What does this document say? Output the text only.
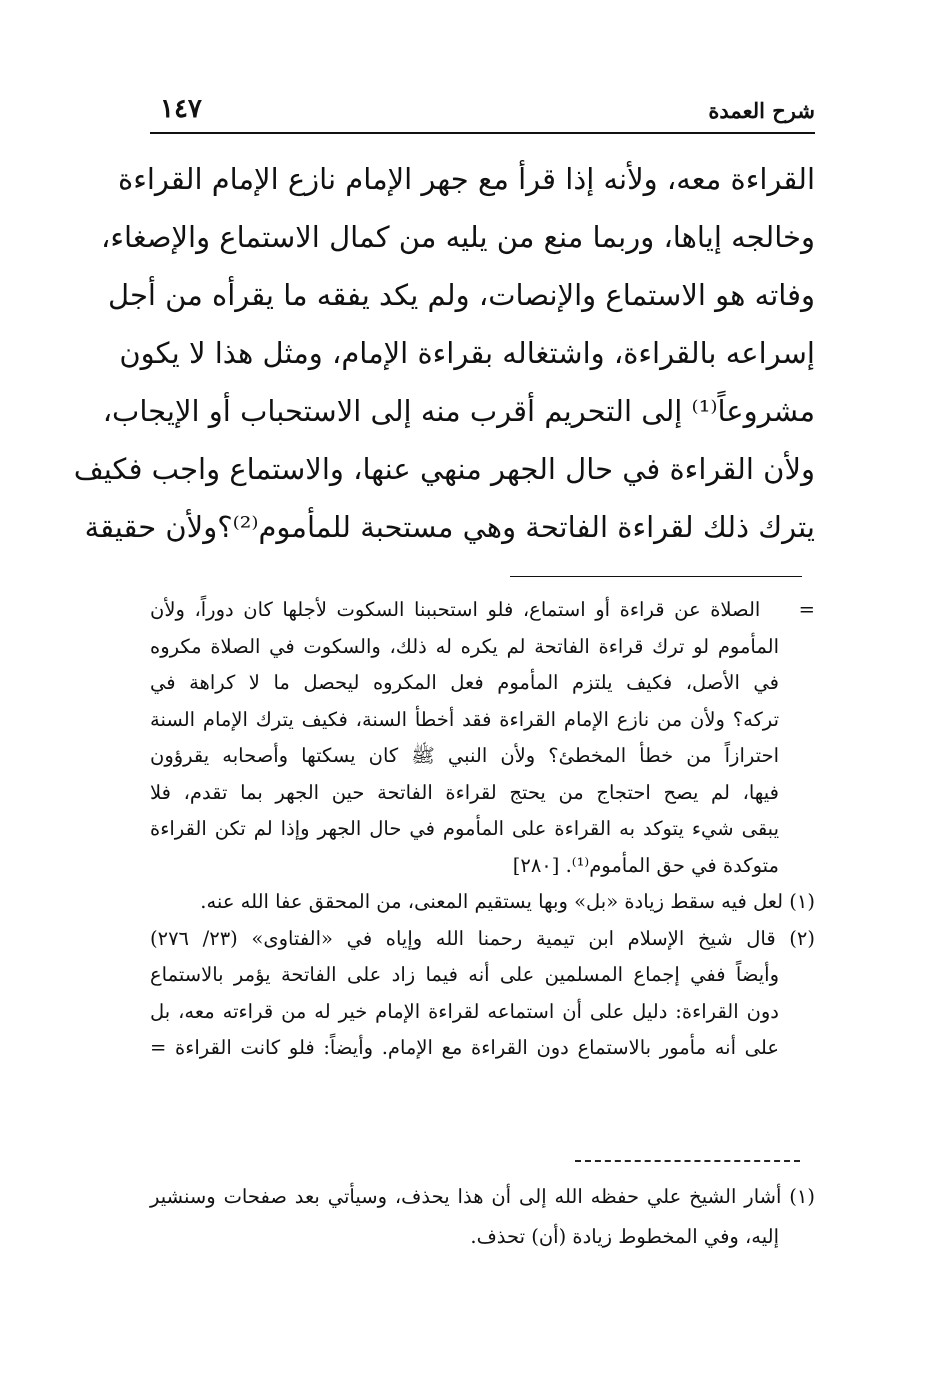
شرح العمدة
١٤٧
القراءة معه، ولأنه إذا قرأ مع جهر الإمام نازع الإمام القراءة
وخالجه إياها، وربما منع من يليه من كمال الاستماع والإصغاء،
وفاته هو الاستماع والإنصات، ولم يكد يفقه ما يقرأه من أجل
إسراعه بالقراءة، واشتغاله بقراءة الإمام، ومثل هذا لا يكون
مشروعاً⁽¹⁾ إلى التحريم أقرب منه إلى الاستحباب أو الإيجاب،
ولأن القراءة في حال الجهر منهي عنها، والاستماع واجب فكيف
يترك ذلك لقراءة الفاتحة وهي مستحبة للمأموم⁽²⁾؟ولأن حقيقة
=    الصلاة عن قراءة أو استماع، فلو استحببنا السكوت لأجلها كان دوراً، ولأن
المأموم لو ترك قراءة الفاتحة لم يكره له ذلك، والسكوت في الصلاة مكروه
في الأصل، فكيف يلتزم المأموم فعل المكروه ليحصل ما لا كراهة في
تركه؟ ولأن من نازع الإمام القراءة فقد أخطأ السنة، فكيف يترك الإمام السنة
احترازاً من خطأ المخطئ؟ ولأن النبي ﷺ كان يسكتها وأصحابه يقرؤون
فيها، لم يصح احتجاج من يحتج لقراءة الفاتحة حين الجهر بما تقدم، فلا
يبقى شيء يتوكد به القراءة على المأموم في حال الجهر وإذا لم تكن القراءة
متوكدة في حق المأموم⁽¹⁾. [٢٨٠]
(١) لعل فيه سقط زيادة «بل» وبها يستقيم المعنى، من المحقق عفا الله عنه.
(٢) قال شيخ الإسلام ابن تيمية رحمنا الله وإياه في «الفتاوى» (٢٣/ ٢٧٦)
وأيضاً ففي إجماع المسلمين على أنه فيما زاد على الفاتحة يؤمر بالاستماع
دون القراءة: دليل على أن استماعه لقراءة الإمام خير له من قراءته معه، بل
على أنه مأمور بالاستماع دون القراءة مع الإمام. وأيضاً: فلو كانت القراءة =
(١) أشار الشيخ علي حفظه الله إلى أن هذا يحذف، وسيأتي بعد صفحات وسنشير
إليه، وفي المخطوط زيادة (أن) تحذف.
